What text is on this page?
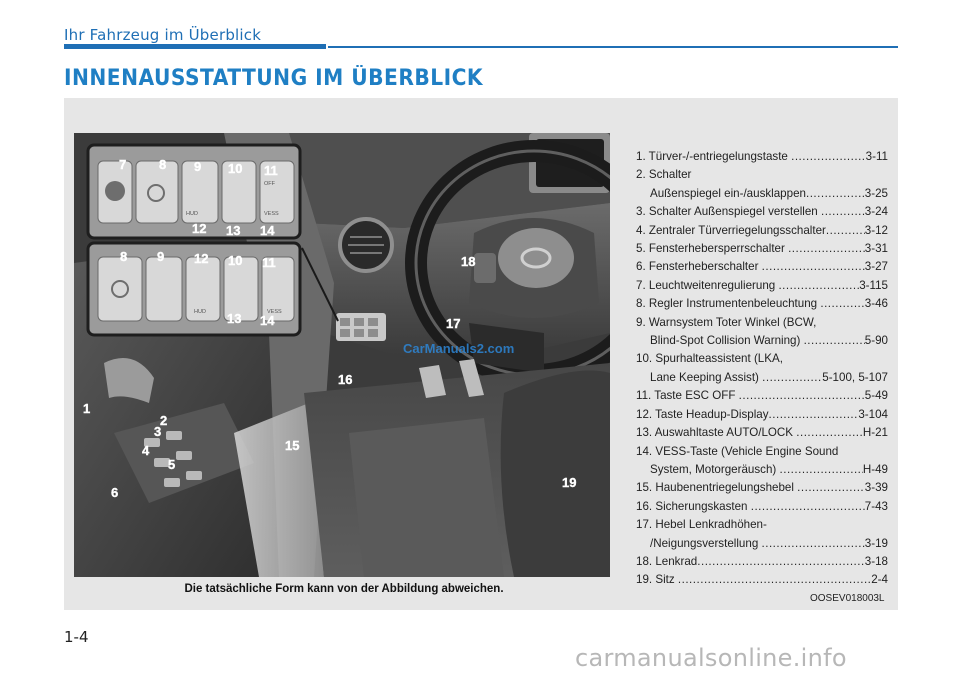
Ihr Fahrzeug im Überblick
INNENAUSSTATTUNG IM ÜBERBLICK
OFF
HUD	VESS
HUD	VESS
7	8 9 10 11
12 13 14
8 9 12 10 11
13 14
1
2
3
4
5
6
15
16
17
18
19
CarManuals2.com
1. Türver-/-entriegelungstaste .....	3-11
2. Schalter
Außenspiegel ein-/ausklappen .....	3-25
3. Schalter Außenspiegel verstellen .....	3-24
4. Zentraler Türverriegelungsschalter .....	3-12
5. Fensterhebersperrschalter .....	3-31
6. Fensterheberschalter .....	3-27
7. Leuchtweitenregulierung .....	3-115
8. Regler Instrumentenbeleuchtung .....	3-46
9. Warnsystem Toter Winkel (BCW,
Blind-Spot Collision Warning) .....	5-90
10. Spurhalteassistent (LKA,
Lane Keeping Assist) .....	5-100, 5-107
11. Taste ESC OFF .....	5-49
12. Taste Headup-Display .....	3-104
13. Auswahltaste AUTO/LOCK .....	H-21
14. VESS-Taste (Vehicle Engine Sound
System, Motorgeräusch) .....	H-49
15. Haubenentriegelungshebel .....	3-39
16. Sicherungskasten .....	7-43
17. Hebel Lenkradhöhen-
/Neigungsverstellung .....	3-19
18. Lenkrad .....	3-18
19. Sitz .....	2-4
Die tatsächliche Form kann von der Abbildung abweichen.
OOSEV018003L
1-4
carmanualsonline.info
